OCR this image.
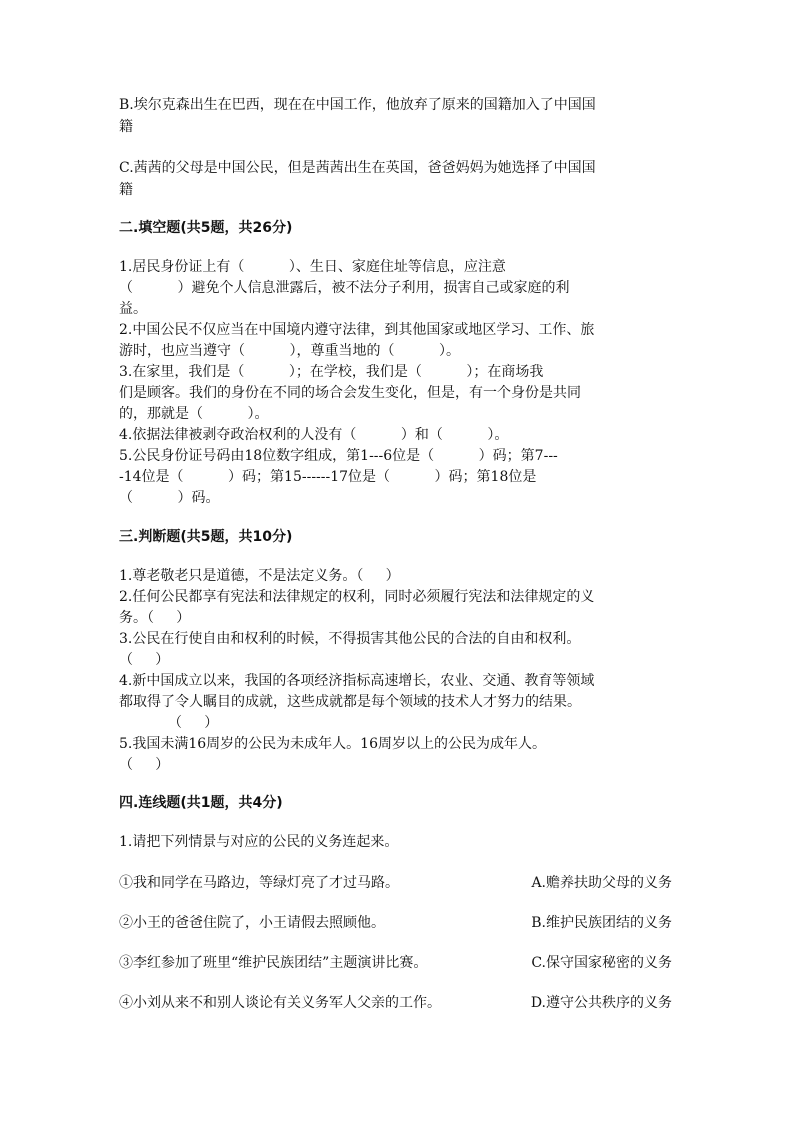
B.埃尔克森出生在巴西，现在在中国工作，他放弃了原来的国籍加入了中国国
籍
C.茜茜的父母是中国公民，但是茜茜出生在英国，爸爸妈妈为她选择了中国国
籍
二.填空题(共5题，共26分)
1.居民身份证上有（          ）、生日、家庭住址等信息，应注意
（          ）避免个人信息泄露后，被不法分子利用，损害自己或家庭的利
益。
2.中国公民不仅应当在中国境内遵守法律，到其他国家或地区学习、工作、旅
游时，也应当遵守（          ），尊重当地的（          ）。
3.在家里，我们是（          ）；在学校，我们是（          ）；在商场我
们是顾客。我们的身份在不同的场合会发生变化，但是，有一个身份是共同
的，那就是（          ）。
4.依据法律被剥夺政治权利的人没有（          ）和（          ）。
5.公民身份证号码由18位数字组成，第1---6位是（          ）码；第7---
-14位是（          ）码；第15------17位是（          ）码；第18位是
（          ）码。
三.判断题(共5题，共10分)
1.尊老敬老只是道德，不是法定义务。（     ）
2.任何公民都享有宪法和法律规定的权利，同时必须履行宪法和法律规定的义
务。（     ）
3.公民在行使自由和权利的时候，不得损害其他公民的合法的自由和权利。
（     ）
4.新中国成立以来，我国的各项经济指标高速增长，农业、交通、教育等领域
都取得了令人瞩目的成就，这些成就都是每个领域的技术人才努力的结果。
（     ）
5.我国未满16周岁的公民为未成年人。16周岁以上的公民为成年人。
（     ）
四.连线题(共1题，共4分)
1.请把下列情景与对应的公民的义务连起来。
①我和同学在马路边，等绿灯亮了才过马路。	A.赡养扶助父母的义务
②小王的爸爸住院了，小王请假去照顾他。	B.维护民族团结的义务
③李红参加了班里“维护民族团结”主题演讲比赛。	C.保守国家秘密的义务
④小刘从来不和别人谈论有关义务军人父亲的工作。	D.遵守公共秩序的义务
